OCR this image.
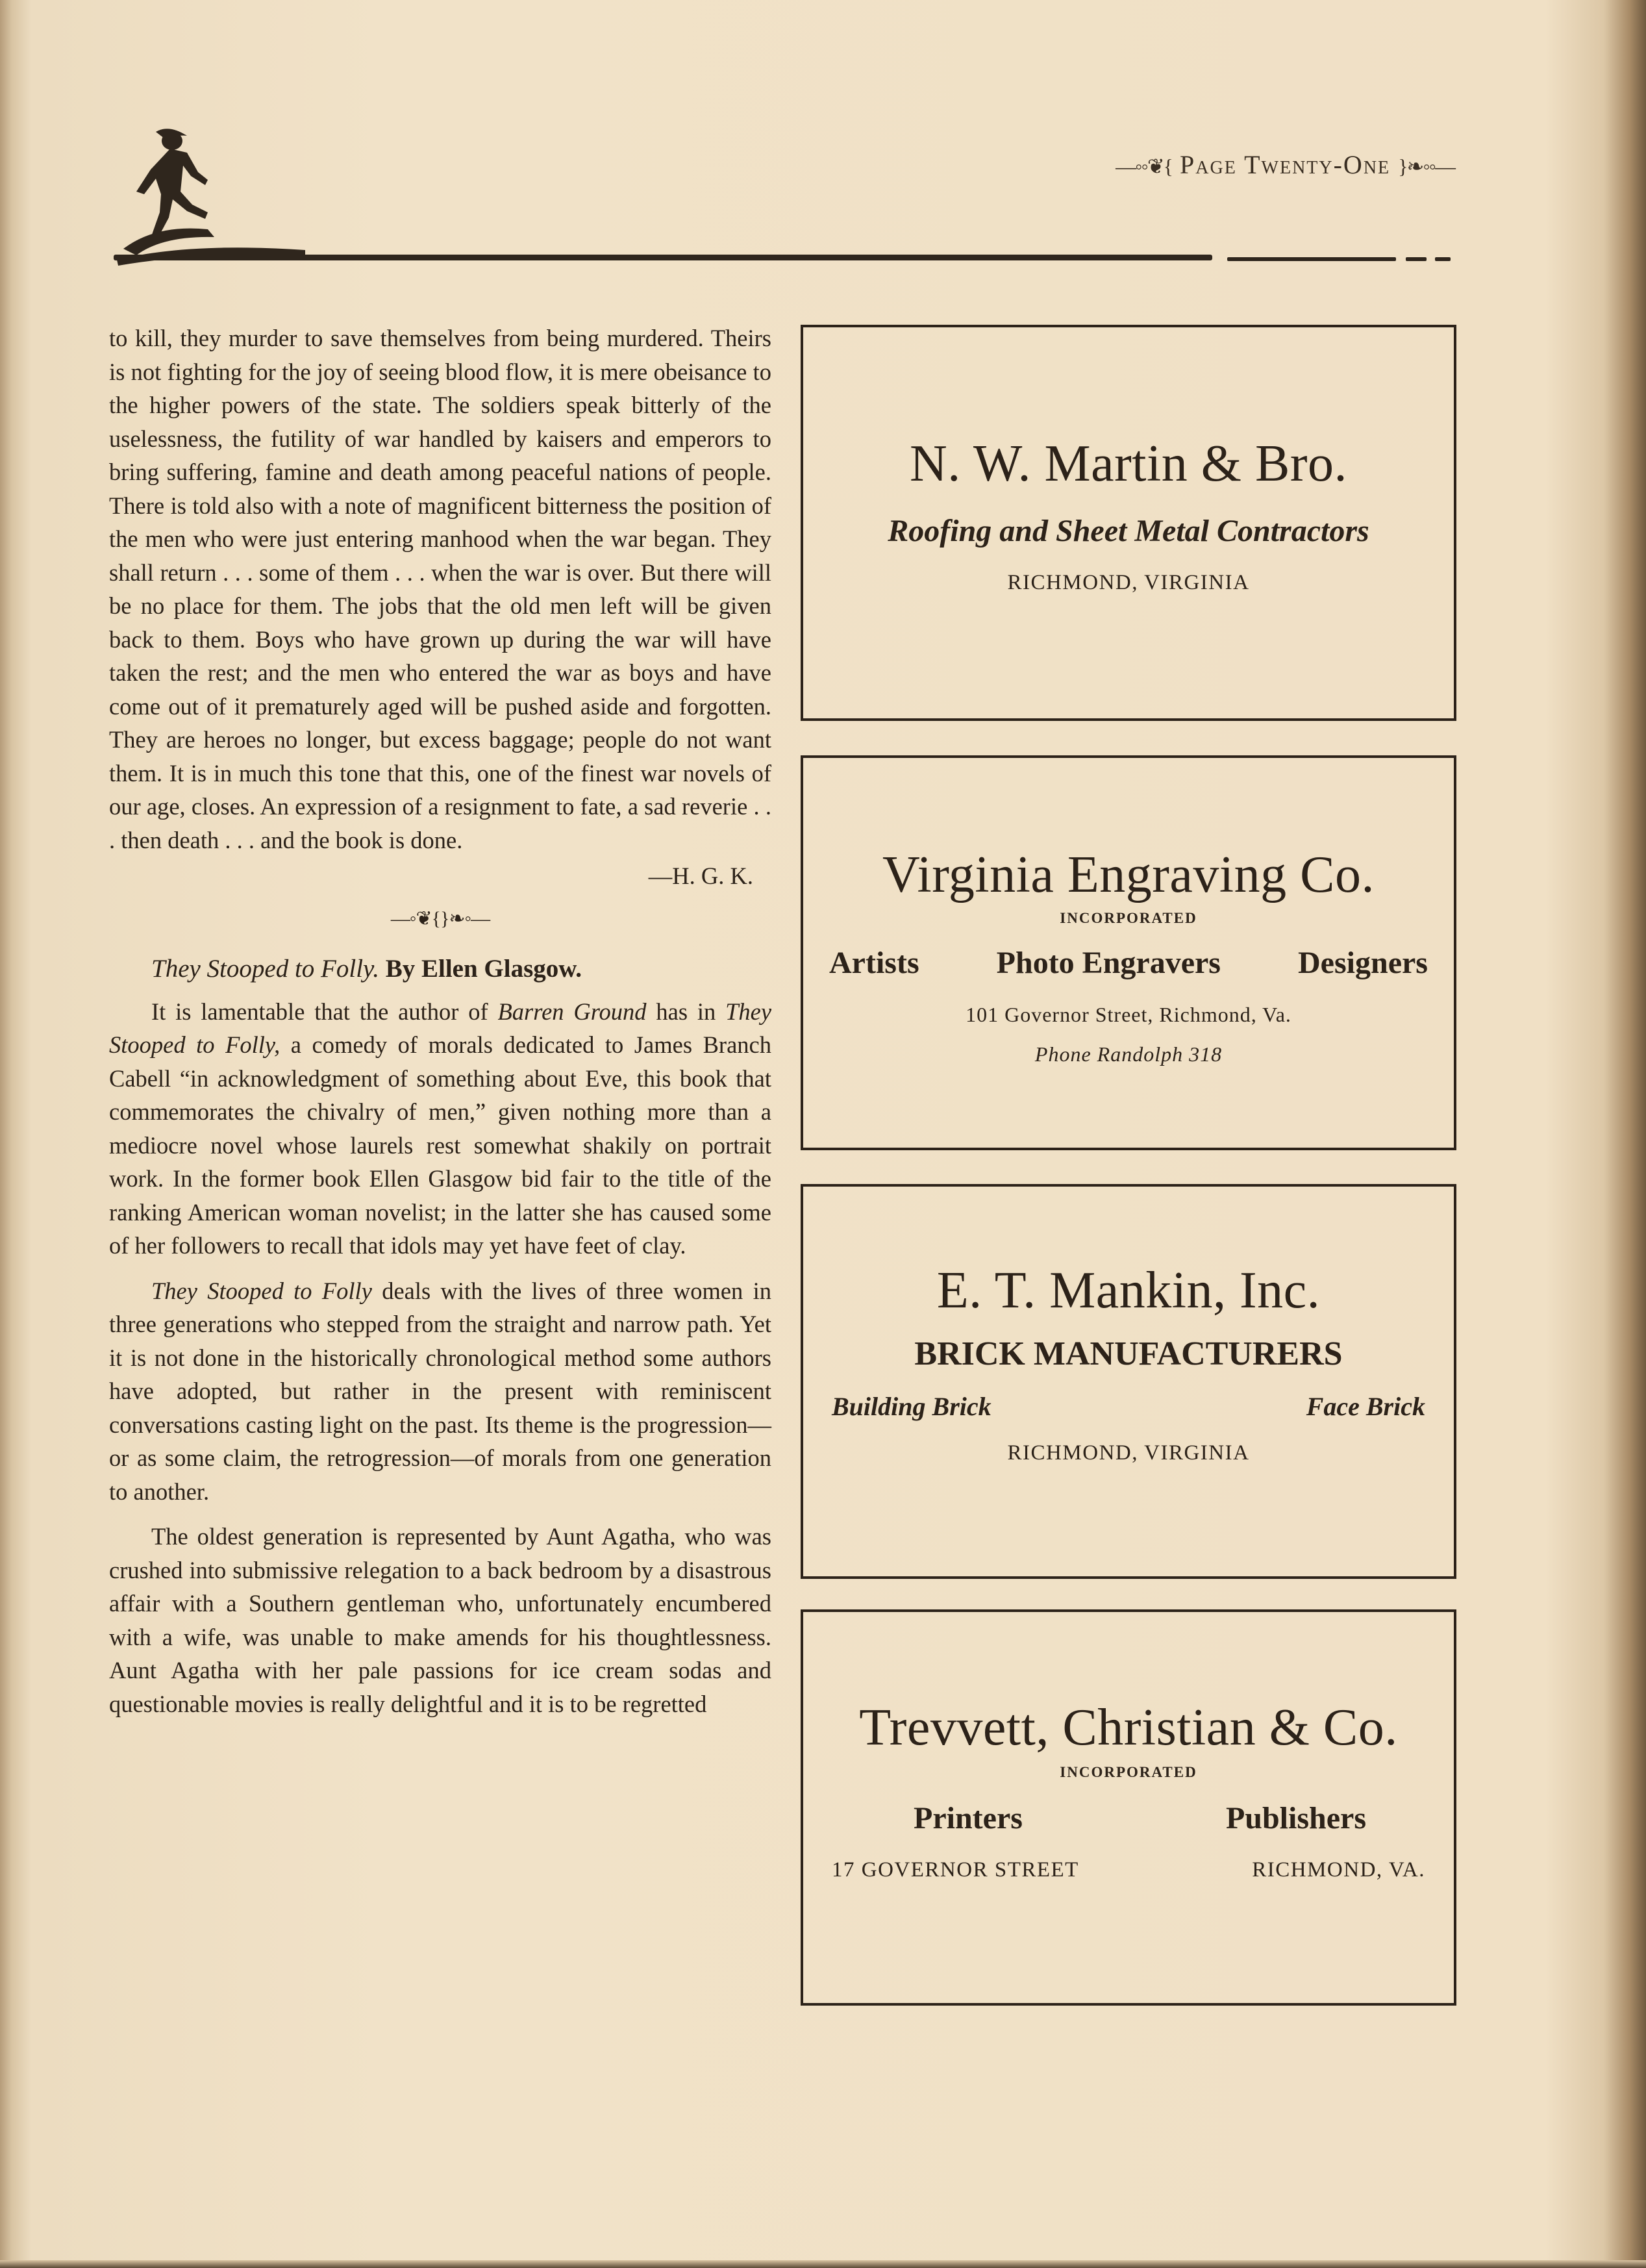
—◦◦❦{ Page Twenty-One }❧◦◦—

to kill, they murder to save themselves from being murdered. Theirs is not fighting for the joy of seeing blood flow, it is mere obeisance to the higher powers of the state. The soldiers speak bitterly of the uselessness, the futility of war handled by kaisers and emperors to bring suffering, famine and death among peaceful nations of people. There is told also with a note of magnificent bitterness the position of the men who were just entering manhood when the war began. They shall return . . . some of them . . . when the war is over. But there will be no place for them. The jobs that the old men left will be given back to them. Boys who have grown up during the war will have taken the rest; and the men who entered the war as boys and have come out of it prematurely aged will be pushed aside and forgotten. They are heroes no longer, but excess baggage; people do not want them. It is in much this tone that this, one of the finest war novels of our age, closes. An expression of a resignment to fate, a sad reverie . . . then death . . . and the book is done.

—H. G. K.

—◦❦{}❧◦—

They Stooped to Folly. By Ellen Glasgow.

It is lamentable that the author of Barren Ground has in They Stooped to Folly, a comedy of morals dedicated to James Branch Cabell “in acknowledgment of something about Eve, this book that commemorates the chivalry of men,” given nothing more than a mediocre novel whose laurels rest somewhat shakily on portrait work. In the former book Ellen Glasgow bid fair to the title of the ranking American woman novelist; in the latter she has caused some of her followers to recall that idols may yet have feet of clay.

They Stooped to Folly deals with the lives of three women in three generations who stepped from the straight and narrow path. Yet it is not done in the historically chronological method some authors have adopted, but rather in the present with reminiscent conversations casting light on the past. Its theme is the progression—or as some claim, the retrogression—of morals from one generation to another.

The oldest generation is represented by Aunt Agatha, who was crushed into submissive relegation to a back bedroom by a disastrous affair with a Southern gentleman who, unfortunately encumbered with a wife, was unable to make amends for his thoughtlessness. Aunt Agatha with her pale passions for ice cream sodas and questionable movies is really delightful and it is to be regretted

N. W. Martin & Bro.
Roofing and Sheet Metal Contractors
RICHMOND, VIRGINIA
Virginia Engraving Co.
INCORPORATED
Artists Photo Engravers Designers
101 Governor Street, Richmond, Va.
Phone Randolph 318
E. T. Mankin, Inc.
BRICK MANUFACTURERS
Building Brick	Face Brick
RICHMOND, VIRGINIA
Trevvett, Christian & Co.
INCORPORATED
Printers	Publishers
17 GOVERNOR STREET	RICHMOND, VA.
